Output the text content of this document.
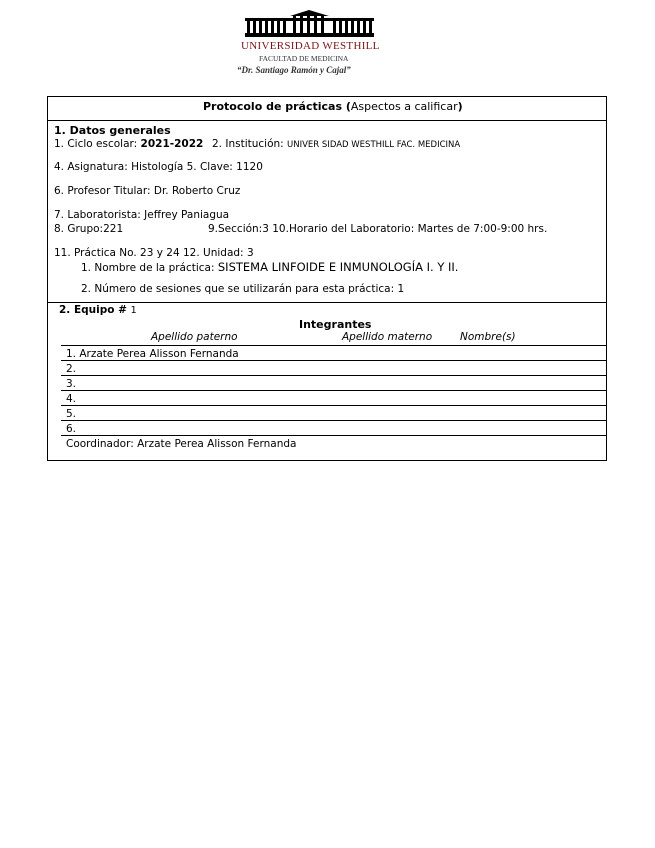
UNIVERSIDAD WESTHILL
FACULTAD DE MEDICINA
“Dr. Santiago Ramón y Cajal”
Protocolo de prácticas (Aspectos a calificar)
1. Datos generales
1. Ciclo escolar: 2021-2022 2. Institución: UNIVER SIDAD WESTHILL FAC. MEDICINA
4. Asignatura: Histología 5. Clave: 1120
6. Profesor Titular: Dr. Roberto Cruz
7. Laboratorista: Jeffrey Paniagua
8. Grupo:221	9.Sección:3 10.Horario del Laboratorio: Martes de 7:00-9:00 hrs.
11. Práctica No. 23 y 24 12. Unidad: 3
1. Nombre de la práctica: SISTEMA LINFOIDE E INMUNOLOGÍA I. Y II.
2. Número de sesiones que se utilizarán para esta práctica: 1
2. Equipo # 1
Integrantes
Apellido paterno	Apellido materno	Nombre(s)
1. Arzate Perea Alisson Fernanda
2.
3.
4.
5.
6.
Coordinador: Arzate Perea Alisson Fernanda
